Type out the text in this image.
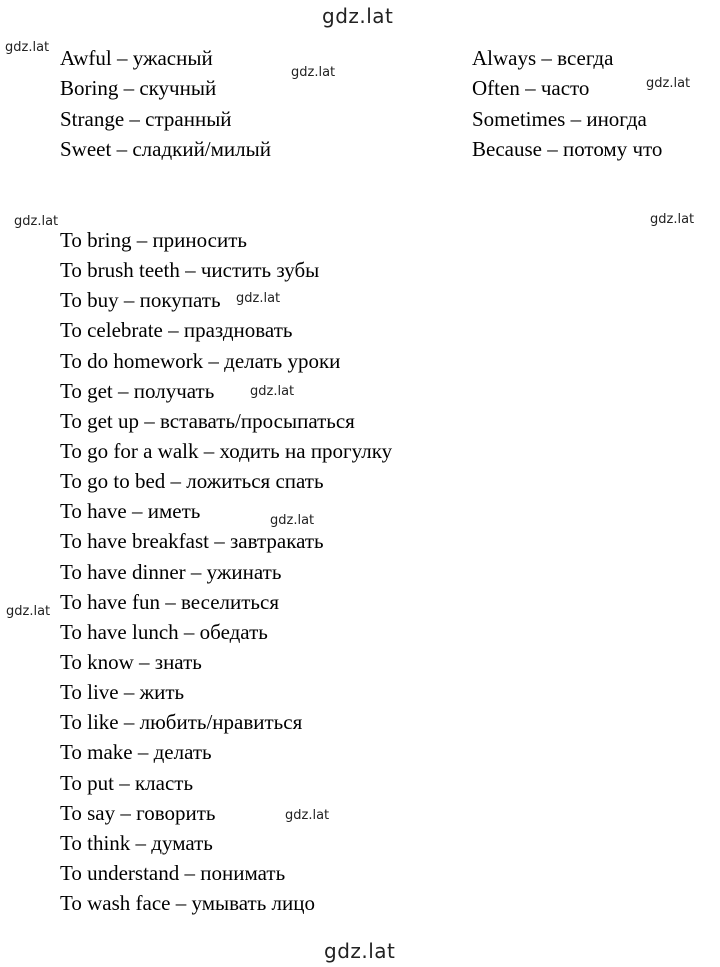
Awful – ужасный
Boring – скучный
Strange – странный
Sweet – сладкий/милый
Always – всегда
Often – часто
Sometimes – иногда
Because – потому что
To bring – приносить
To brush teeth – чистить зубы
To buy – покупать
To celebrate – праздновать
To do homework – делать уроки
To get – получать
To get up – вставать/просыпаться
To go for a walk – ходить на прогулку
To go to bed – ложиться спать
To have – иметь
To have breakfast – завтракать
To have dinner – ужинать
To have fun – веселиться
To have lunch – обедать
To know – знать
To live – жить
To like – любить/нравиться
To make – делать
To put – класть
To say – говорить
To think – думать
To understand – понимать
To wash face – умывать лицо
gdz.lat
gdz.lat
gdz.lat
gdz.lat
gdz.lat	gdz.lat
gdz.lat
gdz.lat
gdz.lat
gdz.lat
gdz.lat
gdz.lat
